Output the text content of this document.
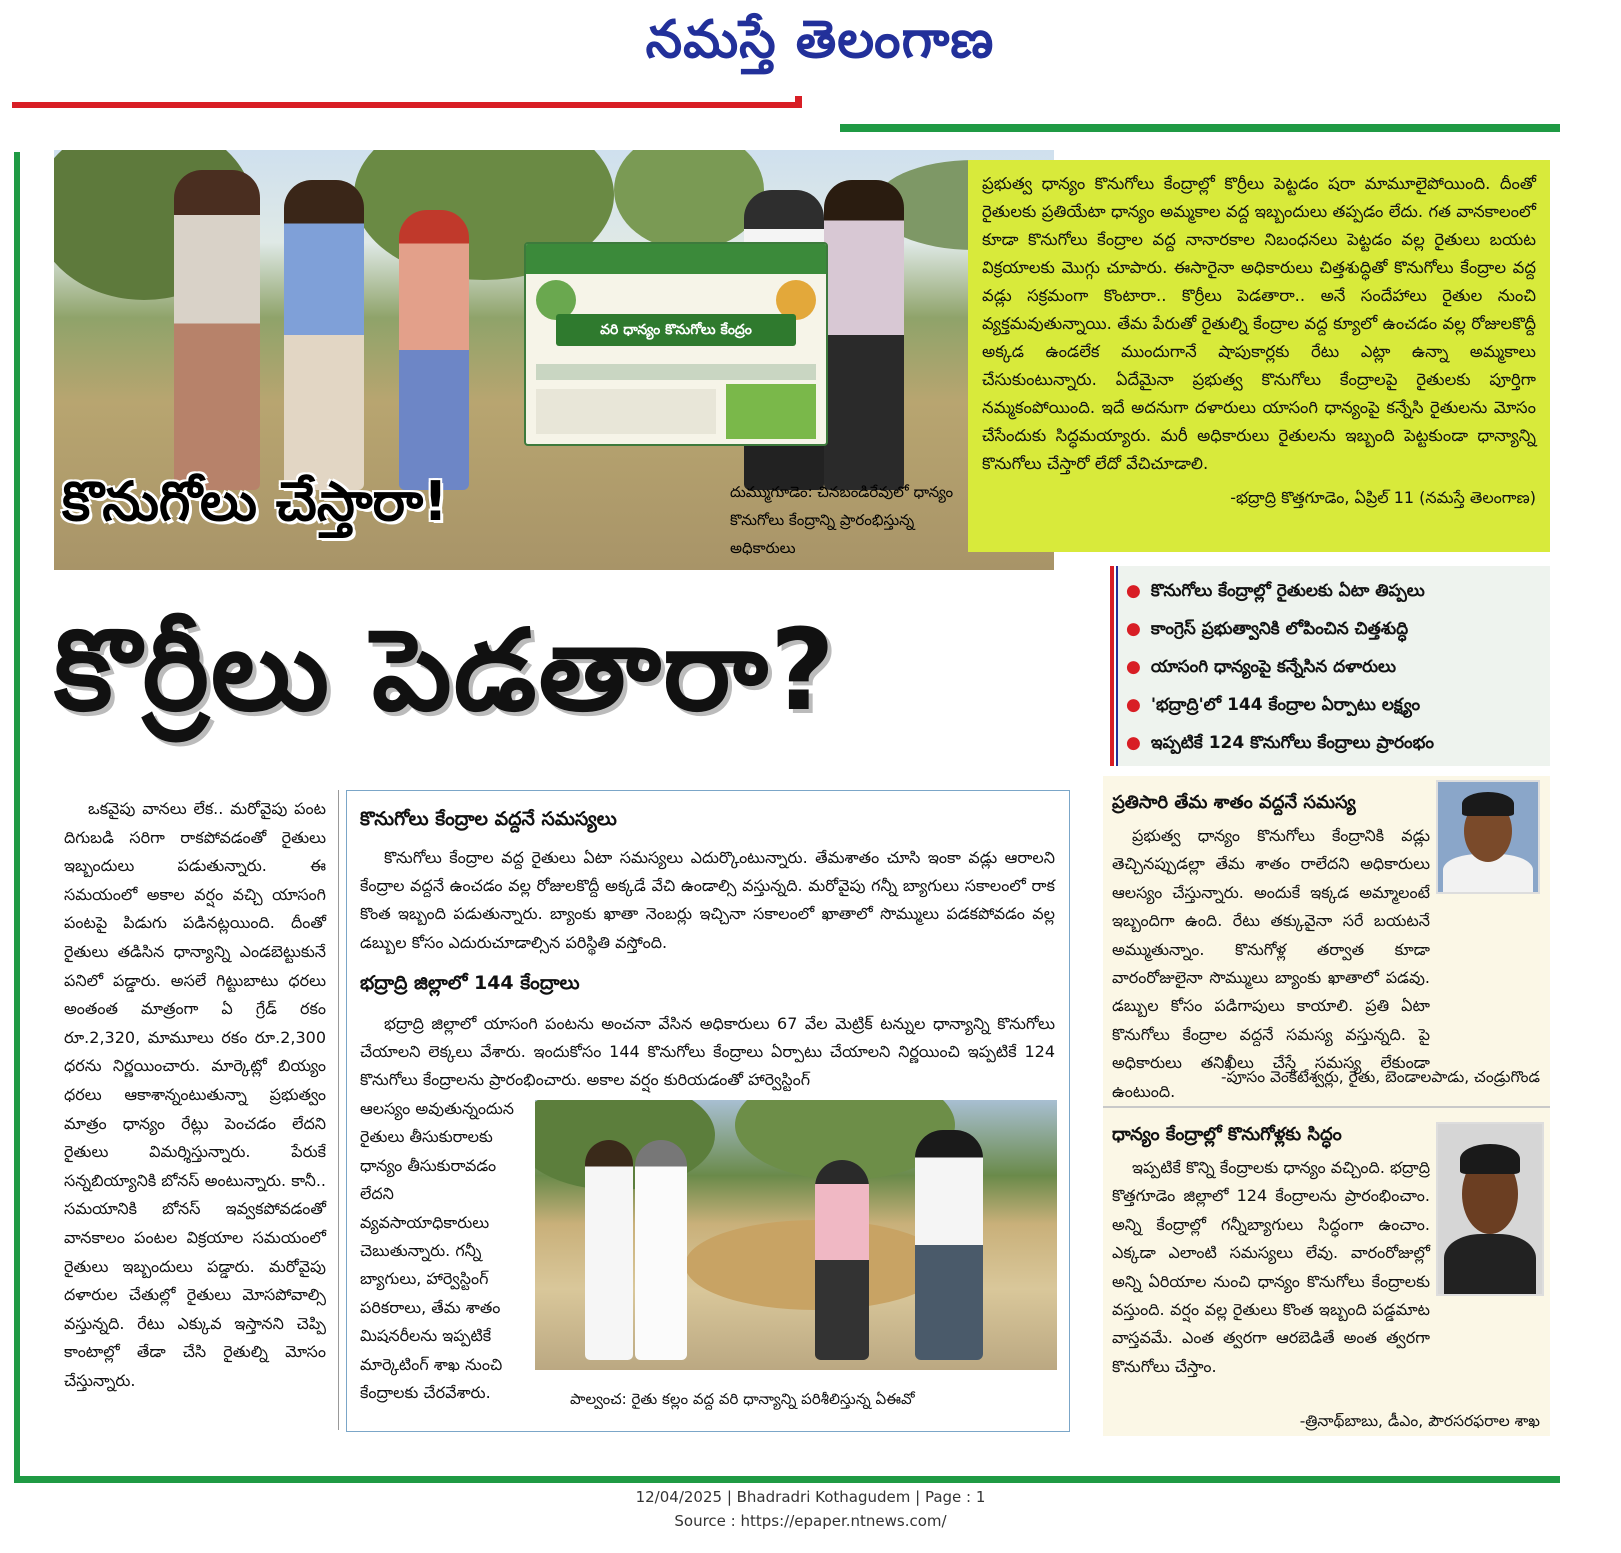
నమస్తే తెలంగాణ
వరి ధాన్యం కొనుగోలు కేంద్రం
కొనుగోలు చేస్తారా!	దుమ్ముగూడెం: చినబండిరేవులో ధాన్యం కొనుగోలు కేంద్రాన్ని ప్రారంభిస్తున్న అధికారులు

ప్రభుత్వ ధాన్యం కొనుగోలు కేంద్రాల్లో కొర్రీలు పెట్టడం షరా మామూలైపోయింది. దీంతో రైతులకు ప్రతియేటా ధాన్యం అమ్మకాల వద్ద ఇబ్బందులు తప్పడం లేదు. గత వానకాలంలో కూడా కొనుగోలు కేంద్రాల వద్ద నానారకాల నిబంధనలు పెట్టడం వల్ల రైతులు బయట విక్రయాలకు మొగ్గు చూపారు. ఈసారైనా అధికారులు చిత్తశుద్ధితో కొనుగోలు కేంద్రాల వద్ద వడ్లు సక్రమంగా కొంటారా.. కొర్రీలు పెడతారా.. అనే సందేహాలు రైతుల నుంచి వ్యక్తమవుతున్నాయి. తేమ పేరుతో రైతుల్ని కేంద్రాల వద్ద క్యూలో ఉంచడం వల్ల రోజులకొద్దీ అక్కడ ఉండలేక ముందుగానే షాపుకార్లకు రేటు ఎట్లా ఉన్నా అమ్మకాలు చేసుకుంటున్నారు. ఏదేమైనా ప్రభుత్వ కొనుగోలు కేంద్రాలపై రైతులకు పూర్తిగా నమ్మకంపోయింది. ఇదే అదనుగా దళారులు యాసంగి ధాన్యంపై కన్నేసి రైతులను మోసం చేసేందుకు సిద్ధమయ్యారు. మరీ అధికారులు రైతులను ఇబ్బంది పెట్టకుండా ధాన్యాన్ని కొనుగోలు చేస్తారో లేదో వేచిచూడాలి.

-భద్రాద్రి కొత్తగూడెం, ఏప్రిల్ 11 (నమస్తే తెలంగాణ)
కొర్రీలు పెడతారా?
● కొనుగోలు కేంద్రాల్లో రైతులకు ఏటా తిప్పలు
● కాంగ్రెస్ ప్రభుత్వానికి లోపించిన చిత్తశుద్ధి
● యాసంగి ధాన్యంపై కన్నేసిన దళారులు
● 'భద్రాద్రి'లో 144 కేంద్రాల ఏర్పాటు లక్ష్యం
● ఇప్పటికే 124 కొనుగోలు కేంద్రాలు ప్రారంభం

ఒకవైపు వానలు లేక.. మరోవైపు పంట దిగుబడి సరిగా రాకపోవడంతో రైతులు ఇబ్బందులు పడుతున్నారు. ఈ సమయంలో అకాల వర్షం వచ్చి యాసంగి పంటపై పిడుగు పడినట్లయింది. దీంతో రైతులు తడిసిన ధాన్యాన్ని ఎండబెట్టుకునే పనిలో పడ్డారు. అసలే గిట్టుబాటు ధరలు అంతంత మాత్రంగా ఏ గ్రేడ్ రకం రూ.2,320, మామూలు రకం రూ.2,300 ధరను నిర్ణయించారు. మార్కెట్లో బియ్యం ధరలు ఆకాశాన్నంటుతున్నా ప్రభుత్వం మాత్రం ధాన్యం రేట్లు పెంచడం లేదని రైతులు విమర్శిస్తున్నారు. పేరుకే సన్నబియ్యానికి బోనస్ అంటున్నారు. కానీ.. సమయానికి బోనస్ ఇవ్వకపోవడంతో వానకాలం పంటల విక్రయాల సమయంలో రైతులు ఇబ్బందులు పడ్డారు. మరోవైపు దళారుల చేతుల్లో రైతులు మోసపోవాల్సి వస్తున్నది. రేటు ఎక్కువ ఇస్తానని చెప్పి కాంటాల్లో తేడా చేసి రైతుల్ని మోసం చేస్తున్నారు.

కొనుగోలు కేంద్రాల వద్దనే సమస్యలు
కొనుగోలు కేంద్రాల వద్ద రైతులు ఏటా సమస్యలు ఎదుర్కొంటున్నారు. తేమశాతం చూసి ఇంకా వడ్లు ఆరాలని కేంద్రాల వద్దనే ఉంచడం వల్ల రోజులకొద్దీ అక్కడే వేచి ఉండాల్సి వస్తున్నది. మరోవైపు గన్నీ బ్యాగులు సకాలంలో రాక కొంత ఇబ్బంది పడుతున్నారు. బ్యాంకు ఖాతా నెంబర్లు ఇచ్చినా సకాలంలో ఖాతాలో సొమ్ములు పడకపోవడం వల్ల డబ్బుల కోసం ఎదురుచూడాల్సిన పరిస్థితి వస్తోంది.
భద్రాద్రి జిల్లాలో 144 కేంద్రాలు
భద్రాద్రి జిల్లాలో యాసంగి పంటను అంచనా వేసిన అధికారులు 67 వేల మెట్రిక్ టన్నుల ధాన్యాన్ని కొనుగోలు చేయాలని లెక్కలు వేశారు. ఇందుకోసం 144 కొనుగోలు కేంద్రాలు ఏర్పాటు చేయాలని నిర్ణయించి ఇప్పటికే 124 కొనుగోలు కేంద్రాలను ప్రారంభించారు. అకాల వర్షం కురియడంతో హార్వెస్టింగ్
ఆలస్యం అవుతున్నందున రైతులు తీసుకురాలకు ధాన్యం తీసుకురావడం లేదని వ్యవసాయాధికారులు చెబుతున్నారు. గన్నీ బ్యాగులు, హార్వెస్టింగ్ పరికరాలు, తేమ శాతం మిషనరీలను ఇప్పటికే మార్కెటింగ్ శాఖ నుంచి కేంద్రాలకు చేరవేశారు.	పాల్వంచ: రైతు కల్లం వద్ద వరి ధాన్యాన్ని పరిశీలిస్తున్న ఏఈవో
ప్రతిసారి తేమ శాతం వద్దనే సమస్య
ప్రభుత్వ ధాన్యం కొనుగోలు కేంద్రానికి వడ్లు తెచ్చినప్పుడల్లా తేమ శాతం రాలేదని అధికారులు ఆలస్యం చేస్తున్నారు. అందుకే ఇక్కడ అమ్మాలంటే ఇబ్బందిగా ఉంది. రేటు తక్కువైనా సరే బయటనే అమ్ముతున్నాం. కొనుగోళ్ల తర్వాత కూడా వారంరోజులైనా సొమ్ములు బ్యాంకు ఖాతాలో పడవు. డబ్బుల కోసం పడిగాపులు కాయాలి. ప్రతి ఏటా కొనుగోలు కేంద్రాల వద్దనే సమస్య వస్తున్నది. పై అధికారులు తనిఖీలు చేస్తే సమస్య లేకుండా ఉంటుంది.
-పూసం వెంకటేశ్వర్లు, రైతు, బెండాలపాడు, చండ్రుగొండ
ధాన్యం కేంద్రాల్లో కొనుగోళ్లకు సిద్ధం
ఇప్పటికే కొన్ని కేంద్రాలకు ధాన్యం వచ్చింది. భద్రాద్రి కొత్తగూడెం జిల్లాలో 124 కేంద్రాలను ప్రారంభించాం. అన్ని కేంద్రాల్లో గన్నీబ్యాగులు సిద్ధంగా ఉంచాం. ఎక్కడా ఎలాంటి సమస్యలు లేవు. వారంరోజుల్లో అన్ని ఏరియాల నుంచి ధాన్యం కొనుగోలు కేంద్రాలకు వస్తుంది. వర్షం వల్ల రైతులు కొంత ఇబ్బంది పడ్డమాట వాస్తవమే. ఎంత త్వరగా ఆరబెడితే అంత త్వరగా కొనుగోలు చేస్తాం.
-త్రినాథ్‌బాబు, డీఎం, పౌరసరఫరాల శాఖ
12/04/2025 | Bhadradri Kothagudem | Page : 1
Source : https://epaper.ntnews.com/
